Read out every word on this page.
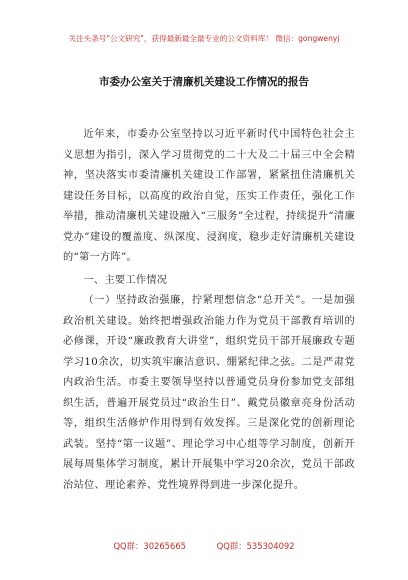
关注头条号"公文研究"，获得最新最全最专业的公文资料库！ 微信：gongwenyj
市委办公室关于清廉机关建设工作情况的报告

近年来，市委办公室坚持以习近平新时代中国特色社会主义思想为指引，深入学习贯彻党的二十大及二十届三中全会精神，坚决落实市委清廉机关建设工作部署，紧紧扭住清廉机关建设任务目标，以高度的政治自觉，压实工作责任，强化工作举措，推动清廉机关建设融入“三服务”全过程，持续提升“清廉党办”建设的覆盖度、纵深度、浸润度，稳步走好清廉机关建设的“第一方阵”。

一、主要工作情况

（一）坚持政治强廉，拧紧理想信念“总开关”。一是加强政治机关建设。始终把增强政治能力作为党员干部教育培训的必修课，开设“廉政教育大讲堂”，组织党员干部开展廉政专题学习10余次，切实筑牢廉洁意识、绷紧纪律之弦。二是严肃党内政治生活。市委主要领导坚持以普通党员身份参加党支部组织生活，普遍开展党员过“政治生日”、戴党员徽章亮身份活动等，组织生活修炉作用得到有效发挥。三是深化党的创新理论武装。坚持“第一议题”、理论学习中心组等学习制度，创新开展每周集体学习制度，累计开展集中学习20余次，党员干部政治站位、理论素养、党性境界得到进一步深化提升。

QQ群：30265665	QQ群：535304092
